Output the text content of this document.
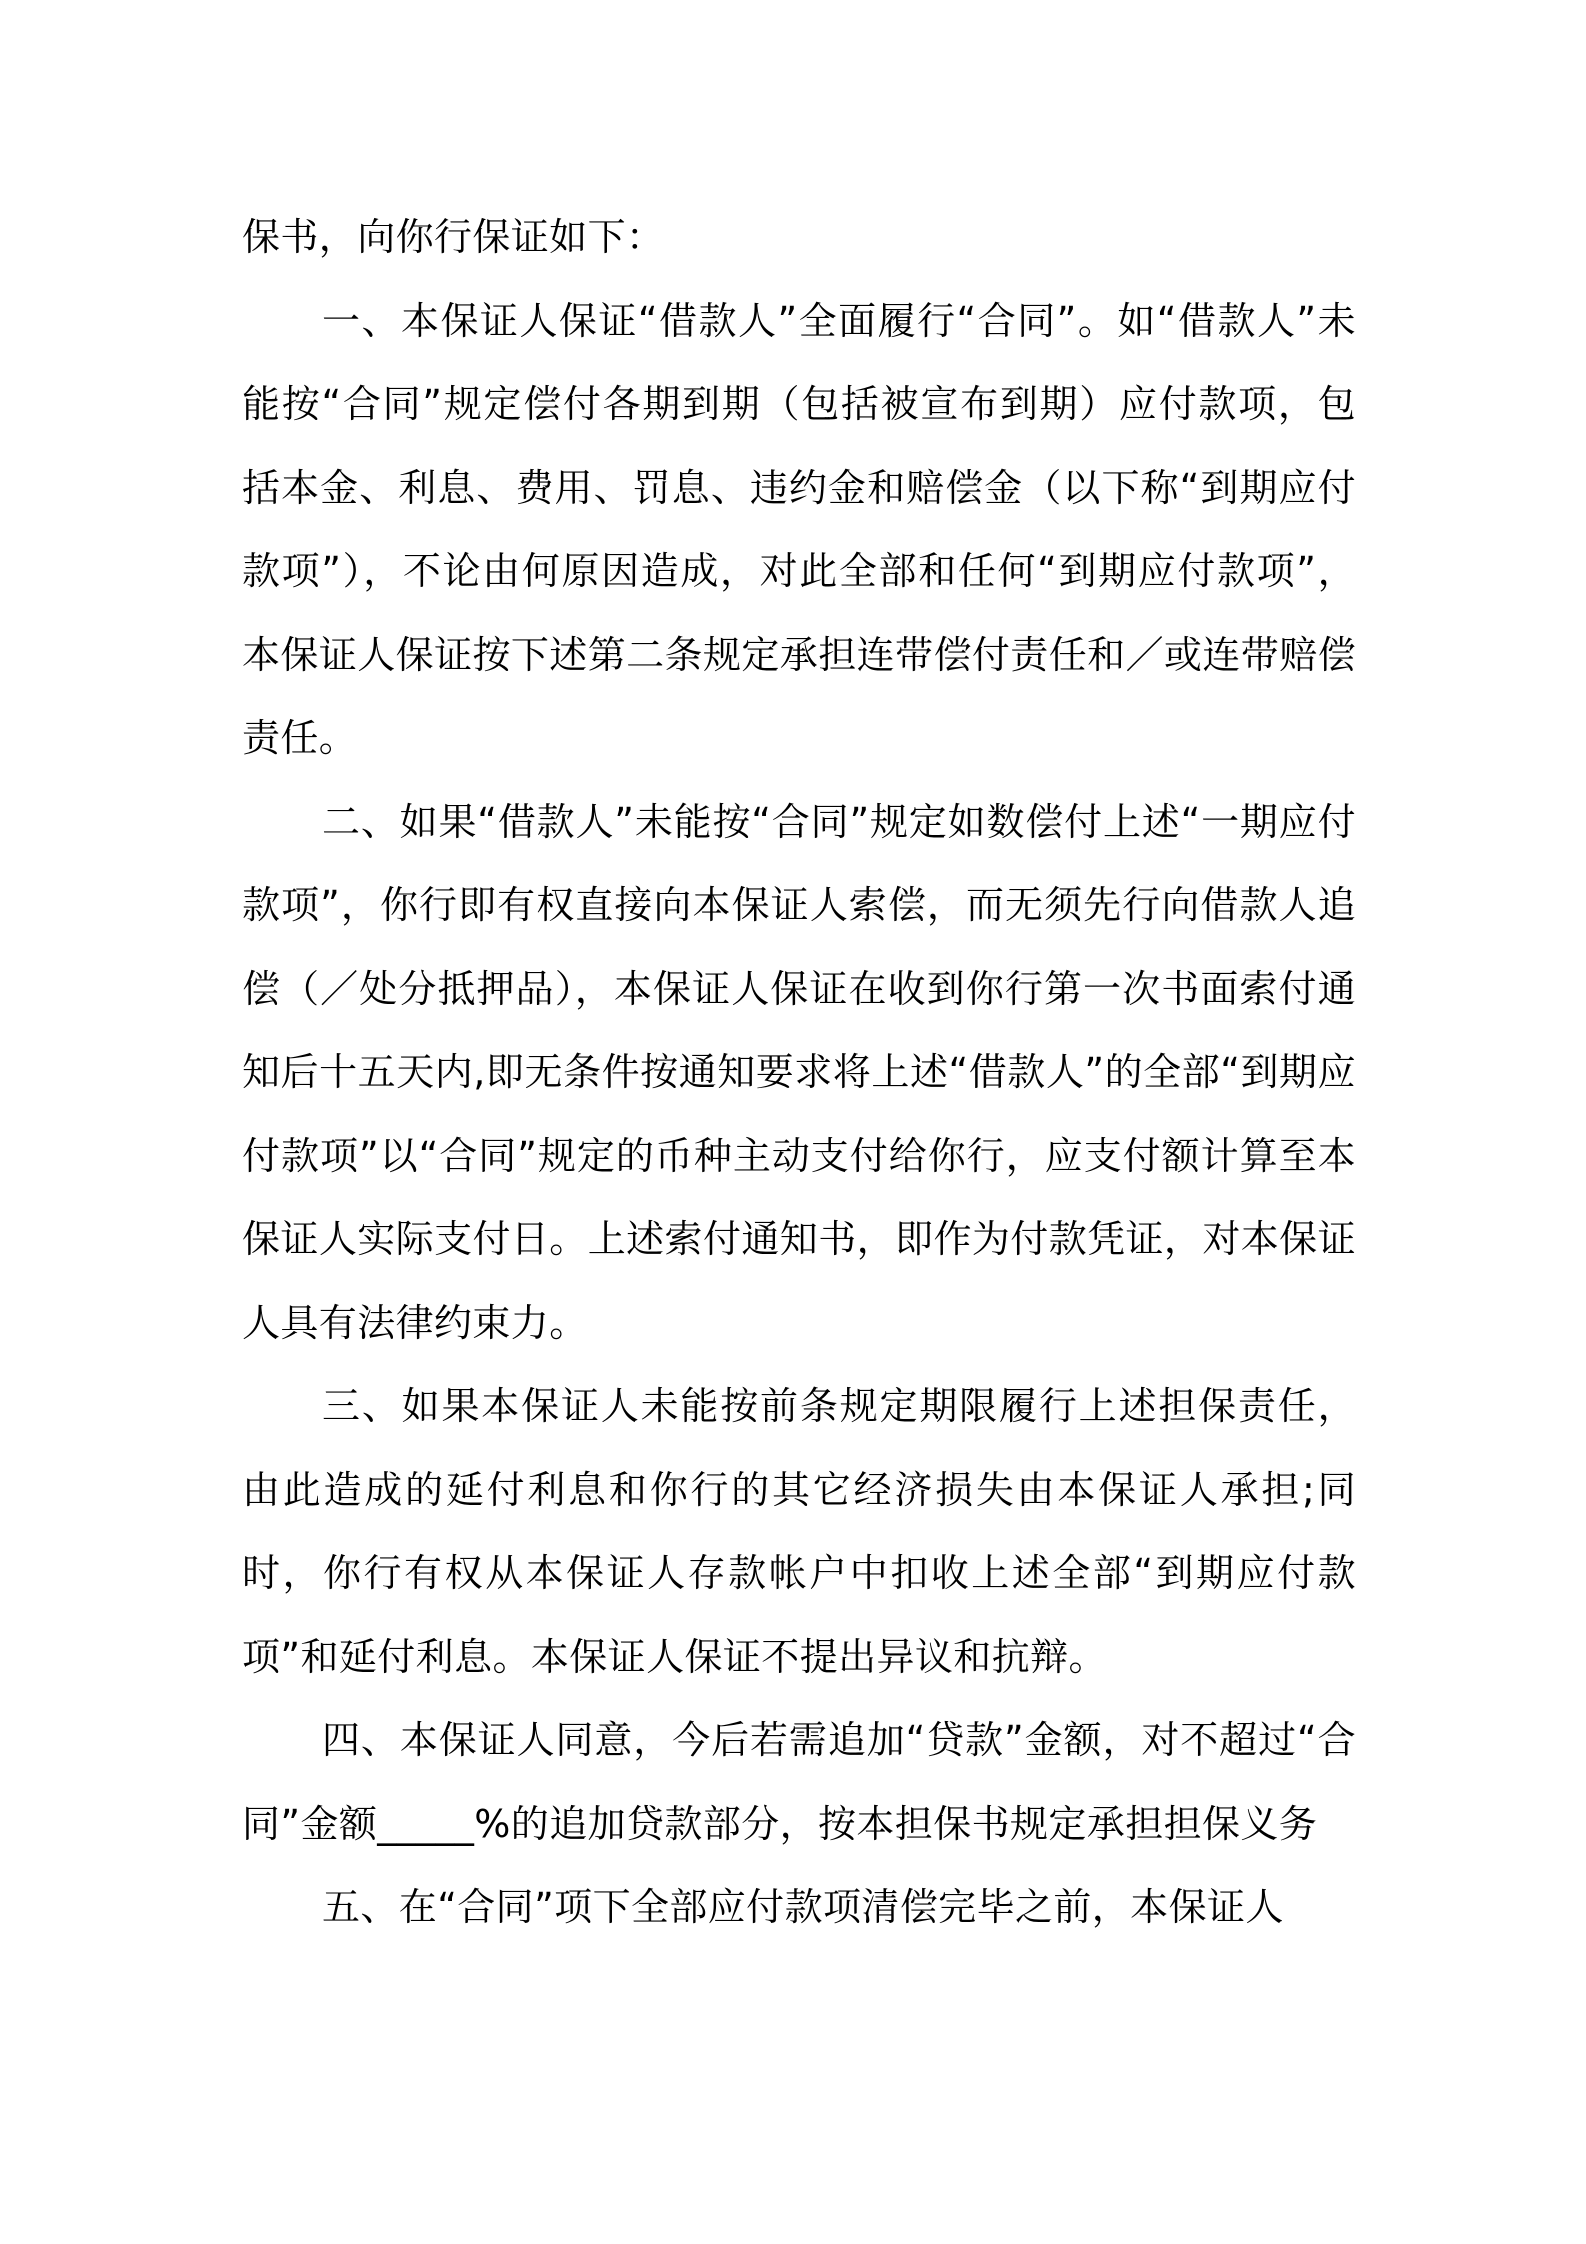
保书，向你行保证如下：

一、本保证人保证“借款人”全面履行“合同”。如“借款人”未能按“合同”规定偿付各期到期（包括被宣布到期）应付款项，包括本金、利息、费用、罚息、违约金和赔偿金（以下称“到期应付款项”），不论由何原因造成，对此全部和任何“到期应付款项”，本保证人保证按下述第二条规定承担连带偿付责任和／或连带赔偿责任。

二、如果“借款人”未能按“合同”规定如数偿付上述“一期应付款项”，你行即有权直接向本保证人索偿，而无须先行向借款人追偿（／处分抵押品），本保证人保证在收到你行第一次书面索付通知后十五天内,即无条件按通知要求将上述“借款人”的全部“到期应付款项”以“合同”规定的币种主动支付给你行，应支付额计算至本保证人实际支付日。上述索付通知书，即作为付款凭证，对本保证人具有法律约束力。

三、如果本保证人未能按前条规定期限履行上述担保责任，由此造成的延付利息和你行的其它经济损失由本保证人承担;同时，你行有权从本保证人存款帐户中扣收上述全部“到期应付款项”和延付利息。本保证人保证不提出异议和抗辩。

四、本保证人同意，今后若需追加“贷款”金额，对不超过“合同”金额_____%的追加贷款部分，按本担保书规定承担担保义务

五、在“合同”项下全部应付款项清偿完毕之前，本保证人
